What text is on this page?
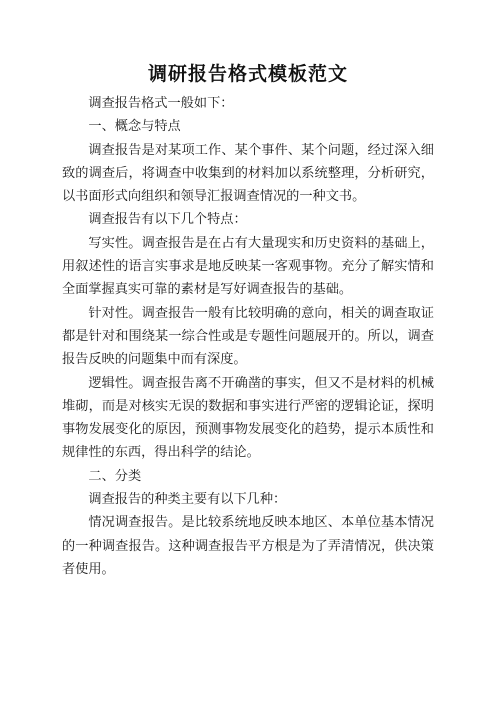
调研报告格式模板范文

调查报告格式一般如下：

一、概念与特点

调查报告是对某项工作、某个事件、某个问题，经过深入细致的调查后，将调查中收集到的材料加以系统整理，分析研究，以书面形式向组织和领导汇报调查情况的一种文书。

调查报告有以下几个特点：

写实性。调查报告是在占有大量现实和历史资料的基础上，用叙述性的语言实事求是地反映某一客观事物。充分了解实情和全面掌握真实可靠的素材是写好调查报告的基础。

针对性。调查报告一般有比较明确的意向，相关的调查取证都是针对和围绕某一综合性或是专题性问题展开的。所以，调查报告反映的问题集中而有深度。

逻辑性。调查报告离不开确凿的事实，但又不是材料的机械堆砌，而是对核实无误的数据和事实进行严密的逻辑论证，探明事物发展变化的原因，预测事物发展变化的趋势，提示本质性和规律性的东西，得出科学的结论。

二、分类

调查报告的种类主要有以下几种：

情况调查报告。是比较系统地反映本地区、本单位基本情况的一种调查报告。这种调查报告平方根是为了弄清情况，供决策者使用。
